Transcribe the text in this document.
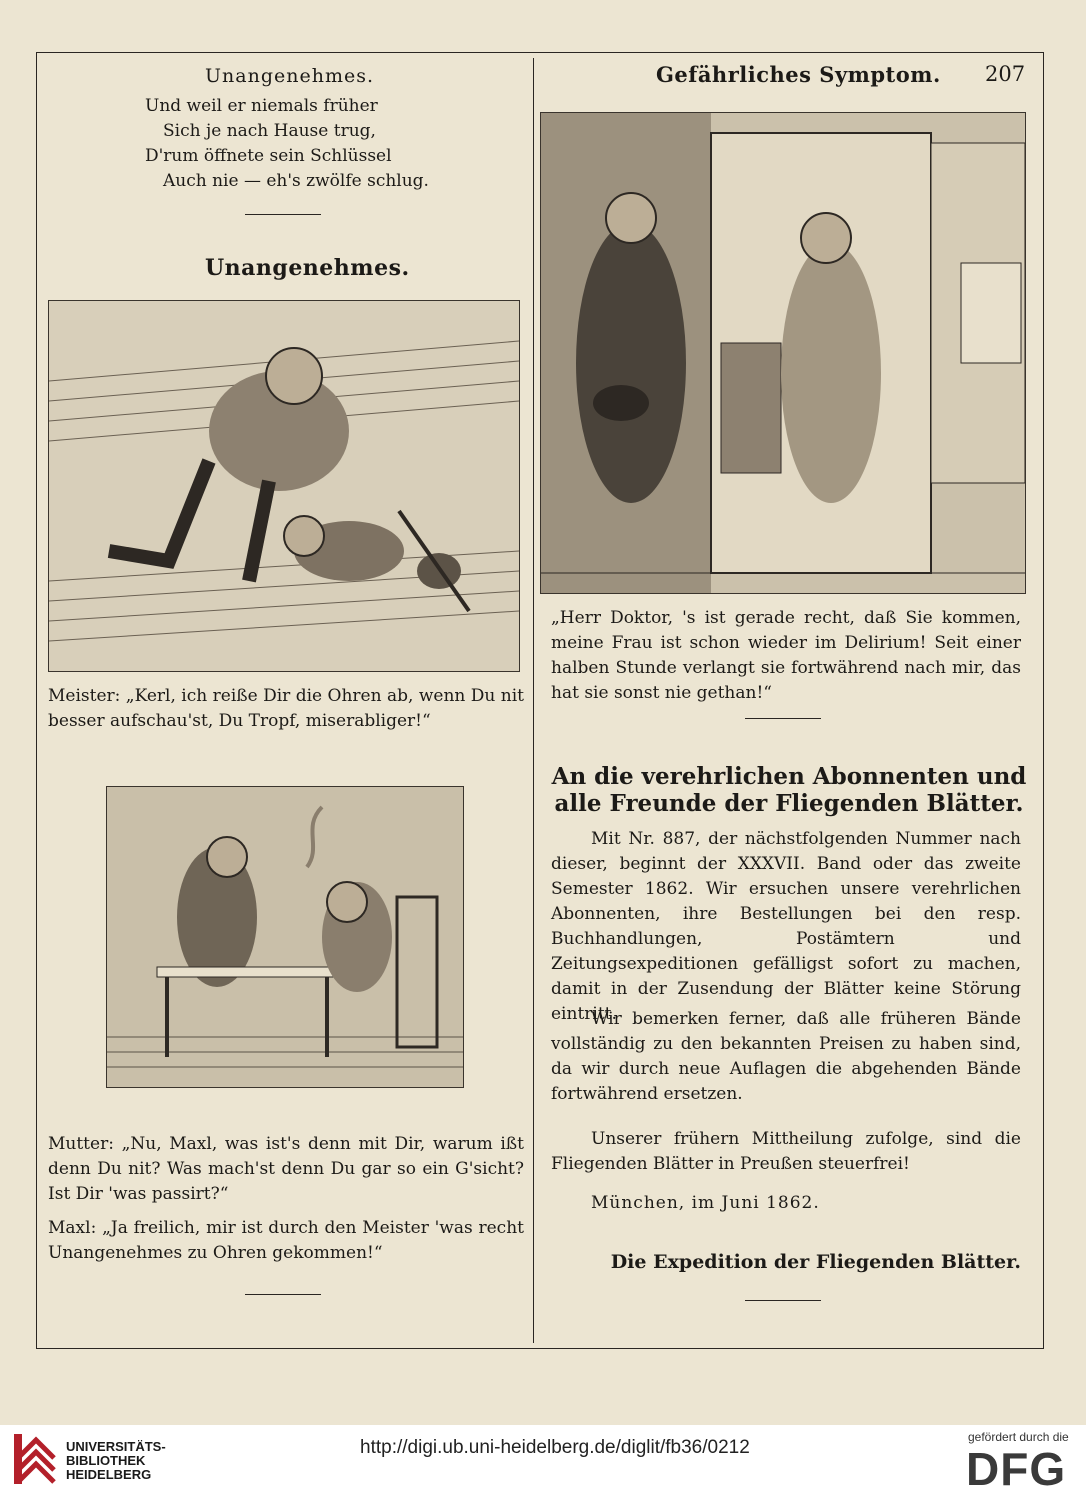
Unangenehmes.	Gefährliches Symptom. 207

Und weil er niemals früher
Sich je nach Hause trug,
D'rum öffnete sein Schlüssel
Auch nie — eh's zwölfe schlug.

Unangenehmes.

Meister: „Kerl, ich reiße Dir die Ohren ab, wenn Du nit besser aufschau'st, Du Tropf, miserabliger!“

Mutter: „Nu, Maxl, was ist's denn mit Dir, warum ißt denn Du nit? Was mach'st denn Du gar so ein G'sicht? Ist Dir 'was passirt?“

Maxl: „Ja freilich, mir ist durch den Meister 'was recht Unangenehmes zu Ohren gekommen!“

„Herr Doktor, 's ist gerade recht, daß Sie kommen, meine Frau ist schon wieder im Delirium! Seit einer halben Stunde verlangt sie fortwährend nach mir, das hat sie sonst nie gethan!“

An die verehrlichen Abonnenten und alle Freunde der Fliegenden Blätter.

Mit Nr. 887, der nächstfolgenden Nummer nach dieser, beginnt der XXXVII. Band oder das zweite Semester 1862. Wir ersuchen unsere verehrlichen Abonnenten, ihre Bestellungen bei den resp. Buchhandlungen, Postämtern und Zeitungsexpeditionen gefälligst sofort zu machen, damit in der Zusendung der Blätter keine Störung eintritt.

Wir bemerken ferner, daß alle früheren Bände vollständig zu den bekannten Preisen zu haben sind, da wir durch neue Auflagen die abgehenden Bände fortwährend ersetzen.

Unserer frühern Mittheilung zufolge, sind die Fliegenden Blätter in Preußen steuerfrei!

München, im Juni 1862.

Die Expedition der Fliegenden Blätter.

UNIVERSITÄTS-
BIBLIOTHEK
HEIDELBERG
http://digi.ub.uni-heidelberg.de/diglit/fb36/0212	gefördert durch die
DFG
